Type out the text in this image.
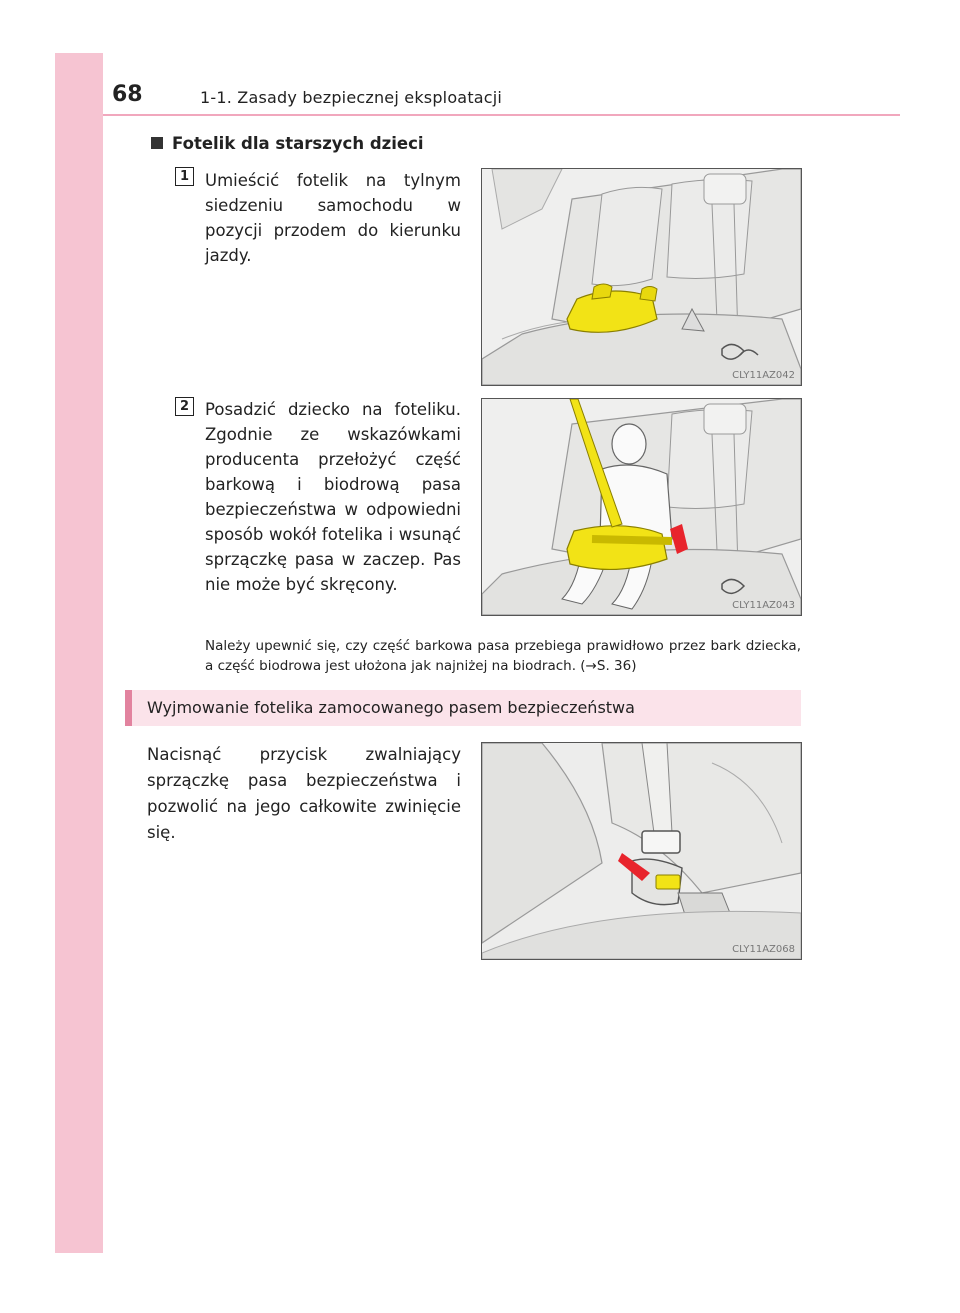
68	1-1. Zasady bezpiecznej eksploatacji
Fotelik dla starszych dzieci
1 Umieścić fotelik na tylnym siedzeniu samochodu w pozycji przodem do kierunku jazdy.
CLY11AZ042
2 Posadzić dziecko na foteliku. Zgodnie ze wskazówkami producenta przełożyć część barkową i biodrową pasa bezpieczeństwa w odpowiedni sposób wokół fotelika i wsunąć sprzączkę pasa w zaczep. Pas nie może być skręcony.
CLY11AZ043
Należy upewnić się, czy część barkowa pasa przebiega prawidłowo przez bark dziecka, a część biodrowa jest ułożona jak najniżej na biodrach. (→S. 36)
Wyjmowanie fotelika zamocowanego pasem bezpieczeństwa
Nacisnąć przycisk zwalniający sprzączkę pasa bezpieczeństwa i pozwolić na jego całkowite zwinięcie się.
CLY11AZ068
